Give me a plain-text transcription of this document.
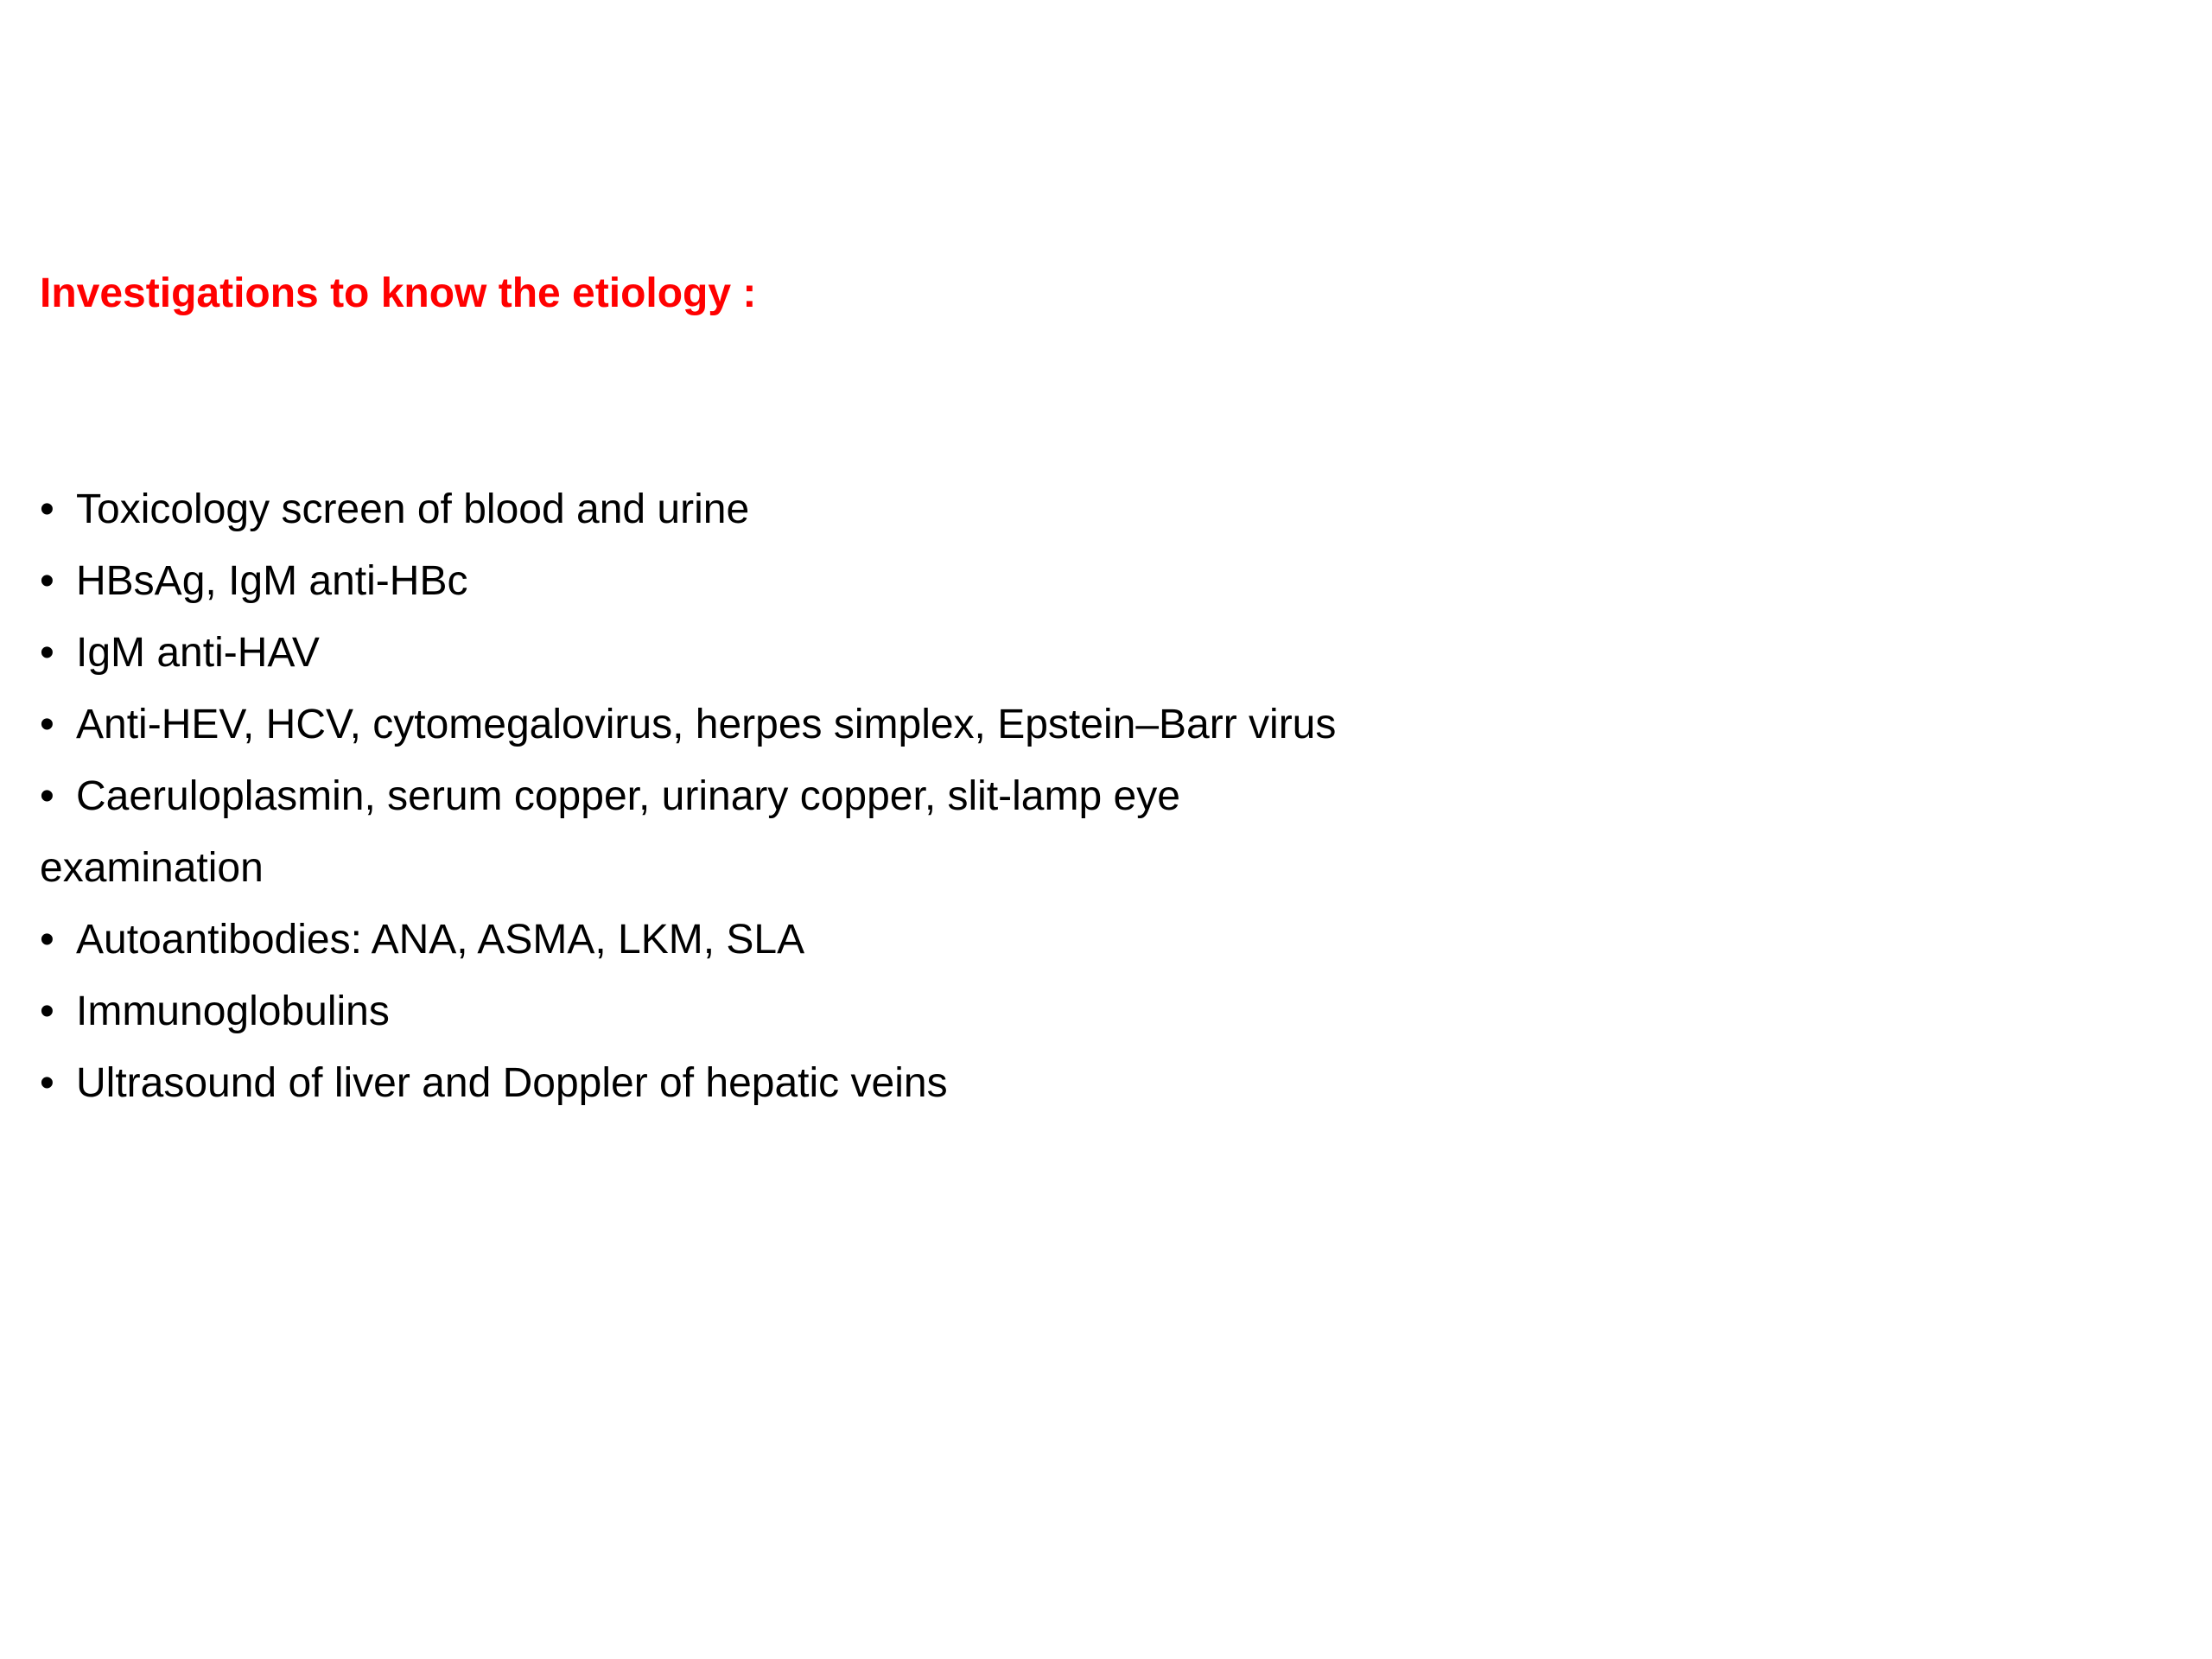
Investigations to know the etiology :
• Toxicology screen of blood and urine
• HBsAg, IgM anti-HBc
• IgM anti-HAV
• Anti-HEV, HCV, cytomegalovirus, herpes simplex, Epstein–Barr virus
• Caeruloplasmin, serum copper, urinary copper, slit-lamp eye
examination
• Autoantibodies: ANA, ASMA, LKM, SLA
• Immunoglobulins
• Ultrasound of liver and Doppler of hepatic veins
